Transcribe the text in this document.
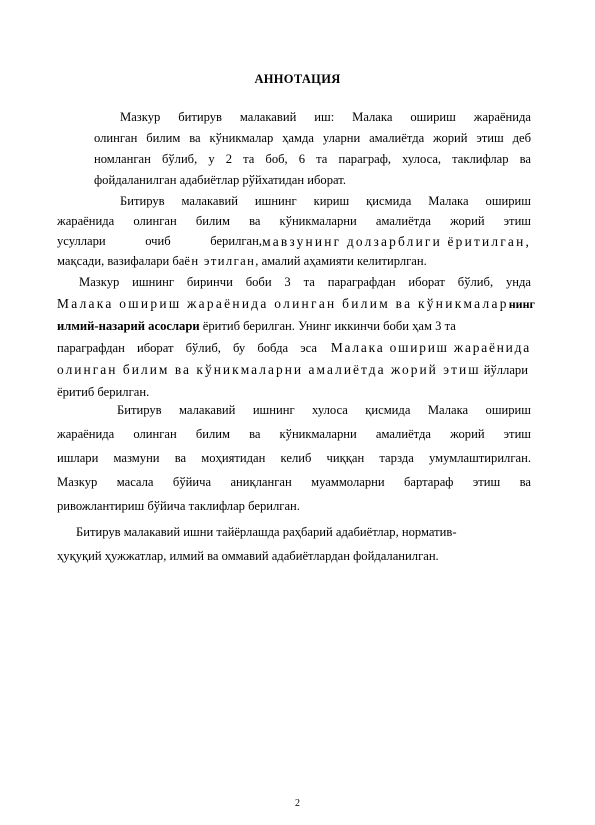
АННОТАЦИЯ
Мазкур битирув малакавий иш: Малака ошириш жараёнида
олинган билим ва кўникмалар ҳамда уларни амалиётда жорий этиш деб
номланган бўлиб, у 2 та боб, 6 та параграф, хулоса, таклифлар ва
фойдаланилган адабиётлар рўйхатидан иборат.
Битирув малакавий ишнинг кириш қисмида Малака ошириш
жараёнида олинган билим ва кўникмаларни амалиётда жорий этиш
усуллари очиб берилган, мавзунинг долзарблиги ёритилган,
мақсади, вазифалари баён этилган, амалий аҳамияти келитирлган.
Мазкур ишнинг биринчи боби 3 та параграфдан иборат бўлиб, унда
Малака ошириш жараёнида олинган билим ва кўникмалар нинг
илмий-назарий асослари ёритиб берилган. Унинг иккинчи боби ҳам 3 та
параграфдан иборат бўлиб, бу бобда эса Малака ошириш жараёнида
олинган билим ва кўникмаларни амалиётда жорий этиш йўллари
ёритиб берилган.
Битирув малакавий ишнинг хулоса қисмида Малака ошириш
жараёнида олинган билим ва кўникмаларни амалиётда жорий этиш
ишлари мазмуни ва моҳиятидан келиб чиққан тарзда умумлаштирилган.
Мазкур масала бўйича аниқланган муаммоларни бартараф этиш ва
ривожлантириш бўйича таклифлар берилган.
Битирув малакавий ишни тайёрлашда раҳбарий адабиётлар, норматив-
ҳуқуқий ҳужжатлар, илмий ва оммавий адабиётлардан фойдаланилган.
2
